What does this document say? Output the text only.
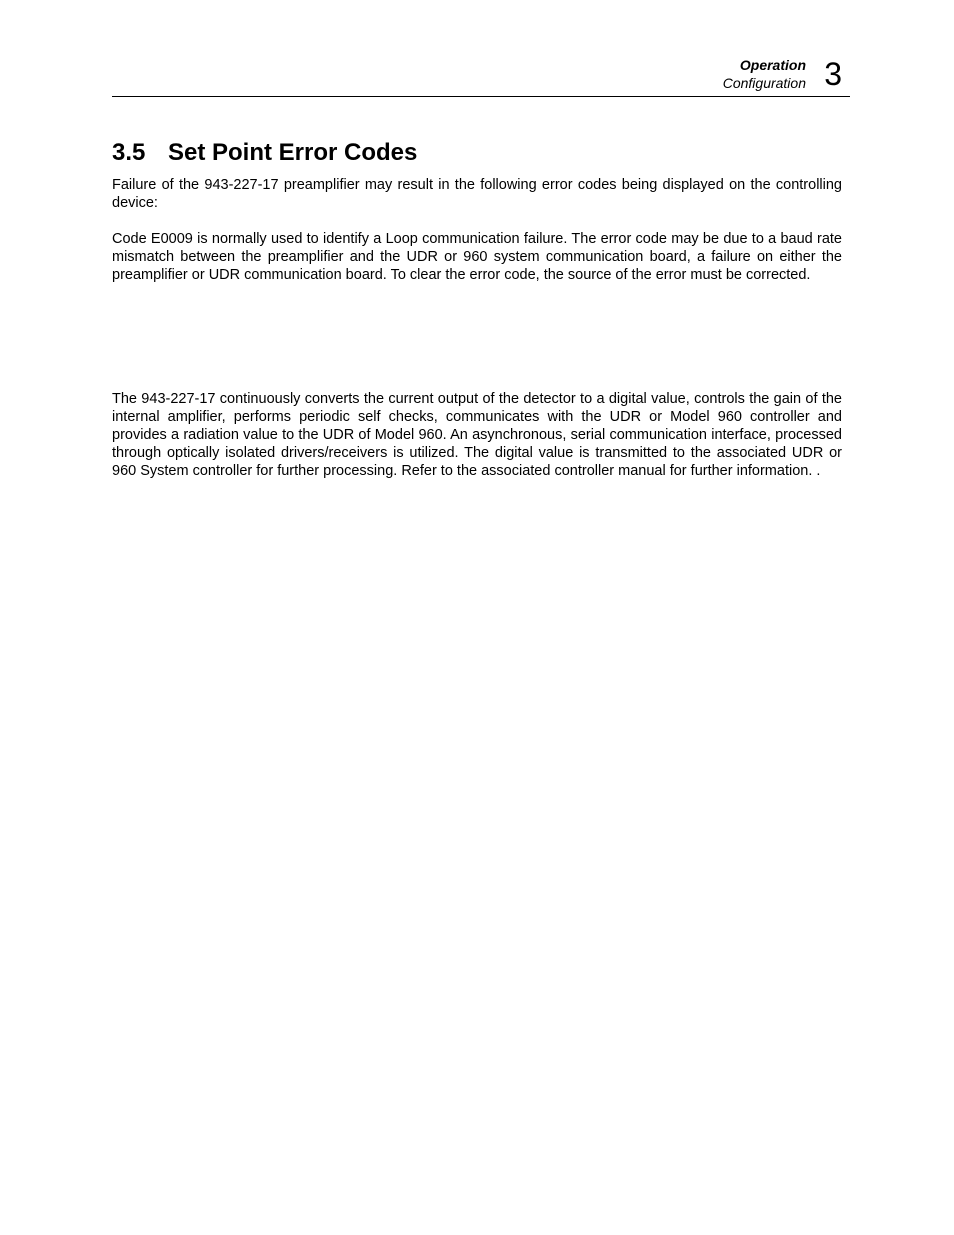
Operation
Configuration 3
3.5 Set Point Error Codes

Failure of the 943-227-17 preamplifier may result in the following error codes being displayed on the controlling device:

Code E0009 is normally used to identify a Loop communication failure. The error code may be due to a baud rate mismatch between the preamplifier and the UDR or 960 system communication board, a failure on either the preamplifier or UDR communication board. To clear the error code, the source of the error must be corrected.

The 943-227-17 continuously converts the current output of the detector to a digital value, controls the gain of the internal amplifier, performs periodic self checks, communicates with the UDR or Model 960 controller and provides a radiation value to the UDR of Model 960. An asynchronous, serial communication interface, processed through optically isolated drivers/receivers is utilized. The digital value is transmitted to the associated UDR or 960 System controller for further processing. Refer to the associated controller manual for further information. .
